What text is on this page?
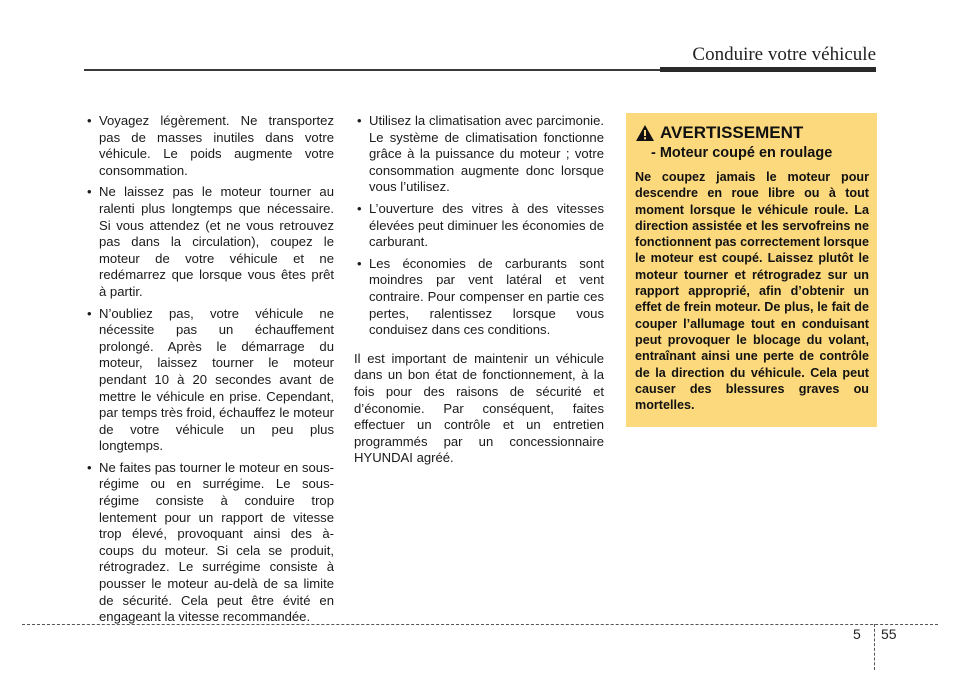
Conduire votre véhicule
• Voyagez légèrement. Ne transportez pas de masses inutiles dans votre véhicule. Le poids augmente votre consommation.
• Ne laissez pas le moteur tourner au ralenti plus longtemps que nécessaire. Si vous attendez (et ne vous retrouvez pas dans la circulation), coupez le moteur de votre véhicule et ne redémarrez que lorsque vous êtes prêt à partir.
• N’oubliez pas, votre véhicule ne nécessite pas un échauffement prolongé. Après le démarrage du moteur, laissez tourner le moteur pendant 10 à 20 secondes avant de mettre le véhicule en prise. Cependant, par temps très froid, échauffez le moteur de votre véhicule un peu plus longtemps.
• Ne faites pas tourner le moteur en sous-régime ou en surrégime. Le sous-régime consiste à conduire trop lentement pour un rapport de vitesse trop élevé, provoquant ainsi des à-coups du moteur. Si cela se produit, rétrogradez. Le surrégime consiste à pousser le moteur au-delà de sa limite de sécurité. Cela peut être évité en engageant la vitesse recommandée.
• Utilisez la climatisation avec parcimonie. Le système de climatisation fonctionne grâce à la puissance du moteur ; votre consommation augmente donc lorsque vous l’utilisez.
• L’ouverture des vitres à des vitesses élevées peut diminuer les économies de carburant.
• Les économies de carburants sont moindres par vent latéral et vent contraire. Pour compenser en partie ces pertes, ralentissez lorsque vous conduisez dans ces conditions.

Il est important de maintenir un véhicule dans un bon état de fonctionnement, à la fois pour des raisons de sécurité et d’économie. Par conséquent, faites effectuer un contrôle et un entretien programmés par un concessionnaire HYUNDAI agréé.

AVERTISSEMENT
- Moteur coupé en roulage
Ne coupez jamais le moteur pour descendre en roue libre ou à tout moment lorsque le véhicule roule. La direction assistée et les servofreins ne fonctionnent pas correctement lorsque le moteur est coupé. Laissez plutôt le moteur tourner et rétrogradez sur un rapport approprié, afin d’obtenir un effet de frein moteur. De plus, le fait de couper l’allumage tout en conduisant peut provoquer le blocage du volant, entraînant ainsi une perte de contrôle de la direction du véhicule. Cela peut causer des blessures graves ou mortelles.
5 55
